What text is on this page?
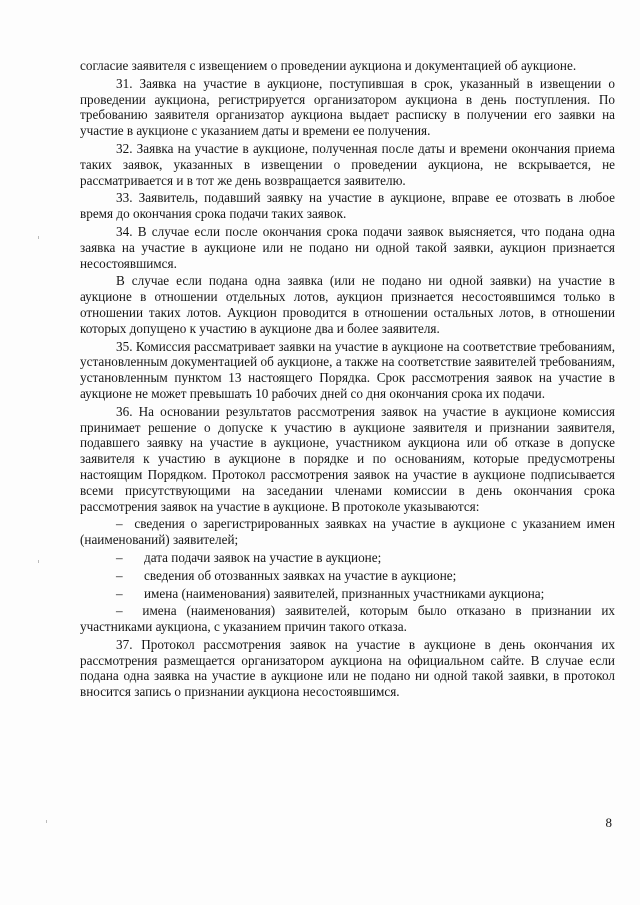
согласие заявителя с извещением о проведении аукциона и документацией об аукционе.

31. Заявка на участие в аукционе, поступившая в срок, указанный в извещении о проведении аукциона, регистрируется организатором аукциона в день поступления. По требованию заявителя организатор аукциона выдает расписку в получении его заявки на участие в аукционе с указанием даты и времени ее получения.

32. Заявка на участие в аукционе, полученная после даты и времени окончания приема таких заявок, указанных в извещении о проведении аукциона, не вскрывается, не рассматривается и в тот же день возвращается заявителю.

33. Заявитель, подавший заявку на участие в аукционе, вправе ее отозвать в любое время до окончания срока подачи таких заявок.

34. В случае если после окончания срока подачи заявок выясняется, что подана одна заявка на участие в аукционе или не подано ни одной такой заявки, аукцион признается несостоявшимся.

В случае если подана одна заявка (или не подано ни одной заявки) на участие в аукционе в отношении отдельных лотов, аукцион признается несостоявшимся только в отношении таких лотов. Аукцион проводится в отношении остальных лотов, в отношении которых допущено к участию в аукционе два и более заявителя.

35. Комиссия рассматривает заявки на участие в аукционе на соответствие требованиям, установленным документацией об аукционе, а также на соответствие заявителей требованиям, установленным пунктом 13 настоящего Порядка. Срок рассмотрения заявок на участие в аукционе не может превышать 10 рабочих дней со дня окончания срока их подачи.

36. На основании результатов рассмотрения заявок на участие в аукционе комиссия принимает решение о допуске к участию в аукционе заявителя и признании заявителя, подавшего заявку на участие в аукционе, участником аукциона или об отказе в допуске заявителя к участию в аукционе в порядке и по основаниям, которые предусмотрены настоящим Порядком. Протокол рассмотрения заявок на участие в аукционе подписывается всеми присутствующими на заседании членами комиссии в день окончания срока рассмотрения заявок на участие в аукционе. В протоколе указываются:

– сведения о зарегистрированных заявках на участие в аукционе с указанием имен (наименований) заявителей;

– дата подачи заявок на участие в аукционе;

– сведения об отозванных заявках на участие в аукционе;

– имена (наименования) заявителей, признанных участниками аукциона;

– имена (наименования) заявителей, которым было отказано в признании их участниками аукциона, с указанием причин такого отказа.

37. Протокол рассмотрения заявок на участие в аукционе в день окончания их рассмотрения размещается организатором аукциона на официальном сайте. В случае если подана одна заявка на участие в аукционе или не подано ни одной такой заявки, в протокол вносится запись о признании аукциона несостоявшимся.

8
